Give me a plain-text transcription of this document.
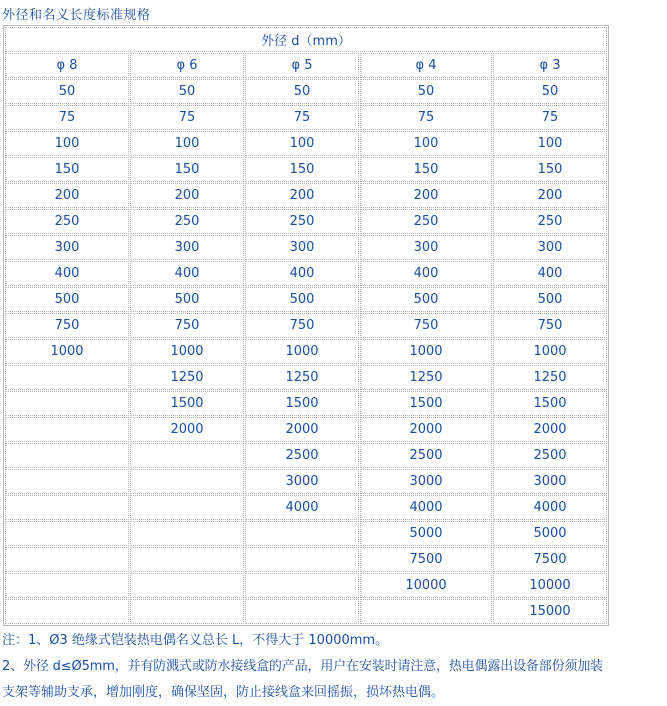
外径和名义长度标准规格
外径 d（mm）				
φ 8	φ 6	φ 5	φ 4	φ 3
50	50	50	50	50
75	75	75	75	75
100	100	100	100	100
150	150	150	150	150
200	200	200	200	200
250	250	250	250	250
300	300	300	300	300
400	400	400	400	400
500	500	500	500	500
750	750	750	750	750
1000	1000	1000	1000	1000
	1250	1250	1250	1250
	1500	1500	1500	1500
	2000	2000	2000	2000
		2500	2500	2500
		3000	3000	3000
		4000	4000	4000
			5000	5000
			7500	7500
			10000	10000
				15000
注：1、Ø3 绝缘式铠装热电偶名义总长 L，不得大于 10000mm。
2、外径 d≤Ø5mm，并有防溅式或防水接线盒的产品，用户在安装时请注意，热电偶露出设备部份须加装
支架等辅助支承，增加刚度，确保坚固，防止接线盒来回摇振，损坏热电偶。
